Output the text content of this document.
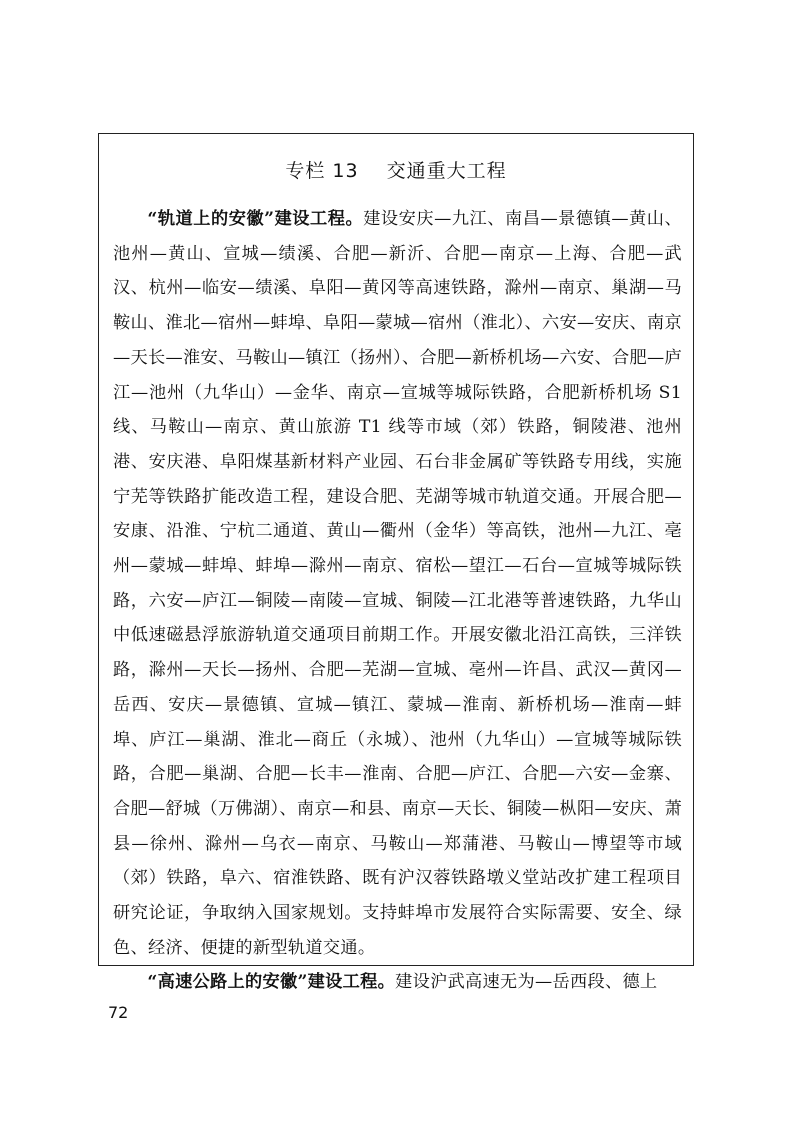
专栏 13    交通重大工程

“轨道上的安徽”建设工程。建设安庆—九江、南昌—景德镇—黄山、池州—黄山、宣城—绩溪、合肥—新沂、合肥—南京—上海、合肥—武汉、杭州—临安—绩溪、阜阳—黄冈等高速铁路，滁州—南京、巢湖—马鞍山、淮北—宿州—蚌埠、阜阳—蒙城—宿州（淮北）、六安—安庆、南京—天长—淮安、马鞍山—镇江（扬州）、合肥—新桥机场—六安、合肥—庐江—池州（九华山）—金华、南京—宣城等城际铁路，合肥新桥机场 S1 线、马鞍山—南京、黄山旅游 T1 线等市域（郊）铁路，铜陵港、池州港、安庆港、阜阳煤基新材料产业园、石台非金属矿等铁路专用线，实施宁芜等铁路扩能改造工程，建设合肥、芜湖等城市轨道交通。开展合肥—安康、沿淮、宁杭二通道、黄山—衢州（金华）等高铁，池州—九江、亳州—蒙城—蚌埠、蚌埠—滁州—南京、宿松—望江—石台—宣城等城际铁路，六安—庐江—铜陵—南陵—宣城、铜陵—江北港等普速铁路，九华山中低速磁悬浮旅游轨道交通项目前期工作。开展安徽北沿江高铁，三洋铁路，滁州—天长—扬州、合肥—芜湖—宣城、亳州—许昌、武汉—黄冈—岳西、安庆—景德镇、宣城—镇江、蒙城—淮南、新桥机场—淮南—蚌埠、庐江—巢湖、淮北—商丘（永城）、池州（九华山）—宣城等城际铁路，合肥—巢湖、合肥—长丰—淮南、合肥—庐江、合肥—六安—金寨、合肥—舒城（万佛湖）、南京—和县、南京—天长、铜陵—枞阳—安庆、萧县—徐州、滁州—乌衣—南京、马鞍山—郑蒲港、马鞍山—博望等市域（郊）铁路，阜六、宿淮铁路、既有沪汉蓉铁路墩义堂站改扩建工程项目研究论证，争取纳入国家规划。支持蚌埠市发展符合实际需要、安全、绿色、经济、便捷的新型轨道交通。

“高速公路上的安徽”建设工程。建设沪武高速无为—岳西段、德上

72
